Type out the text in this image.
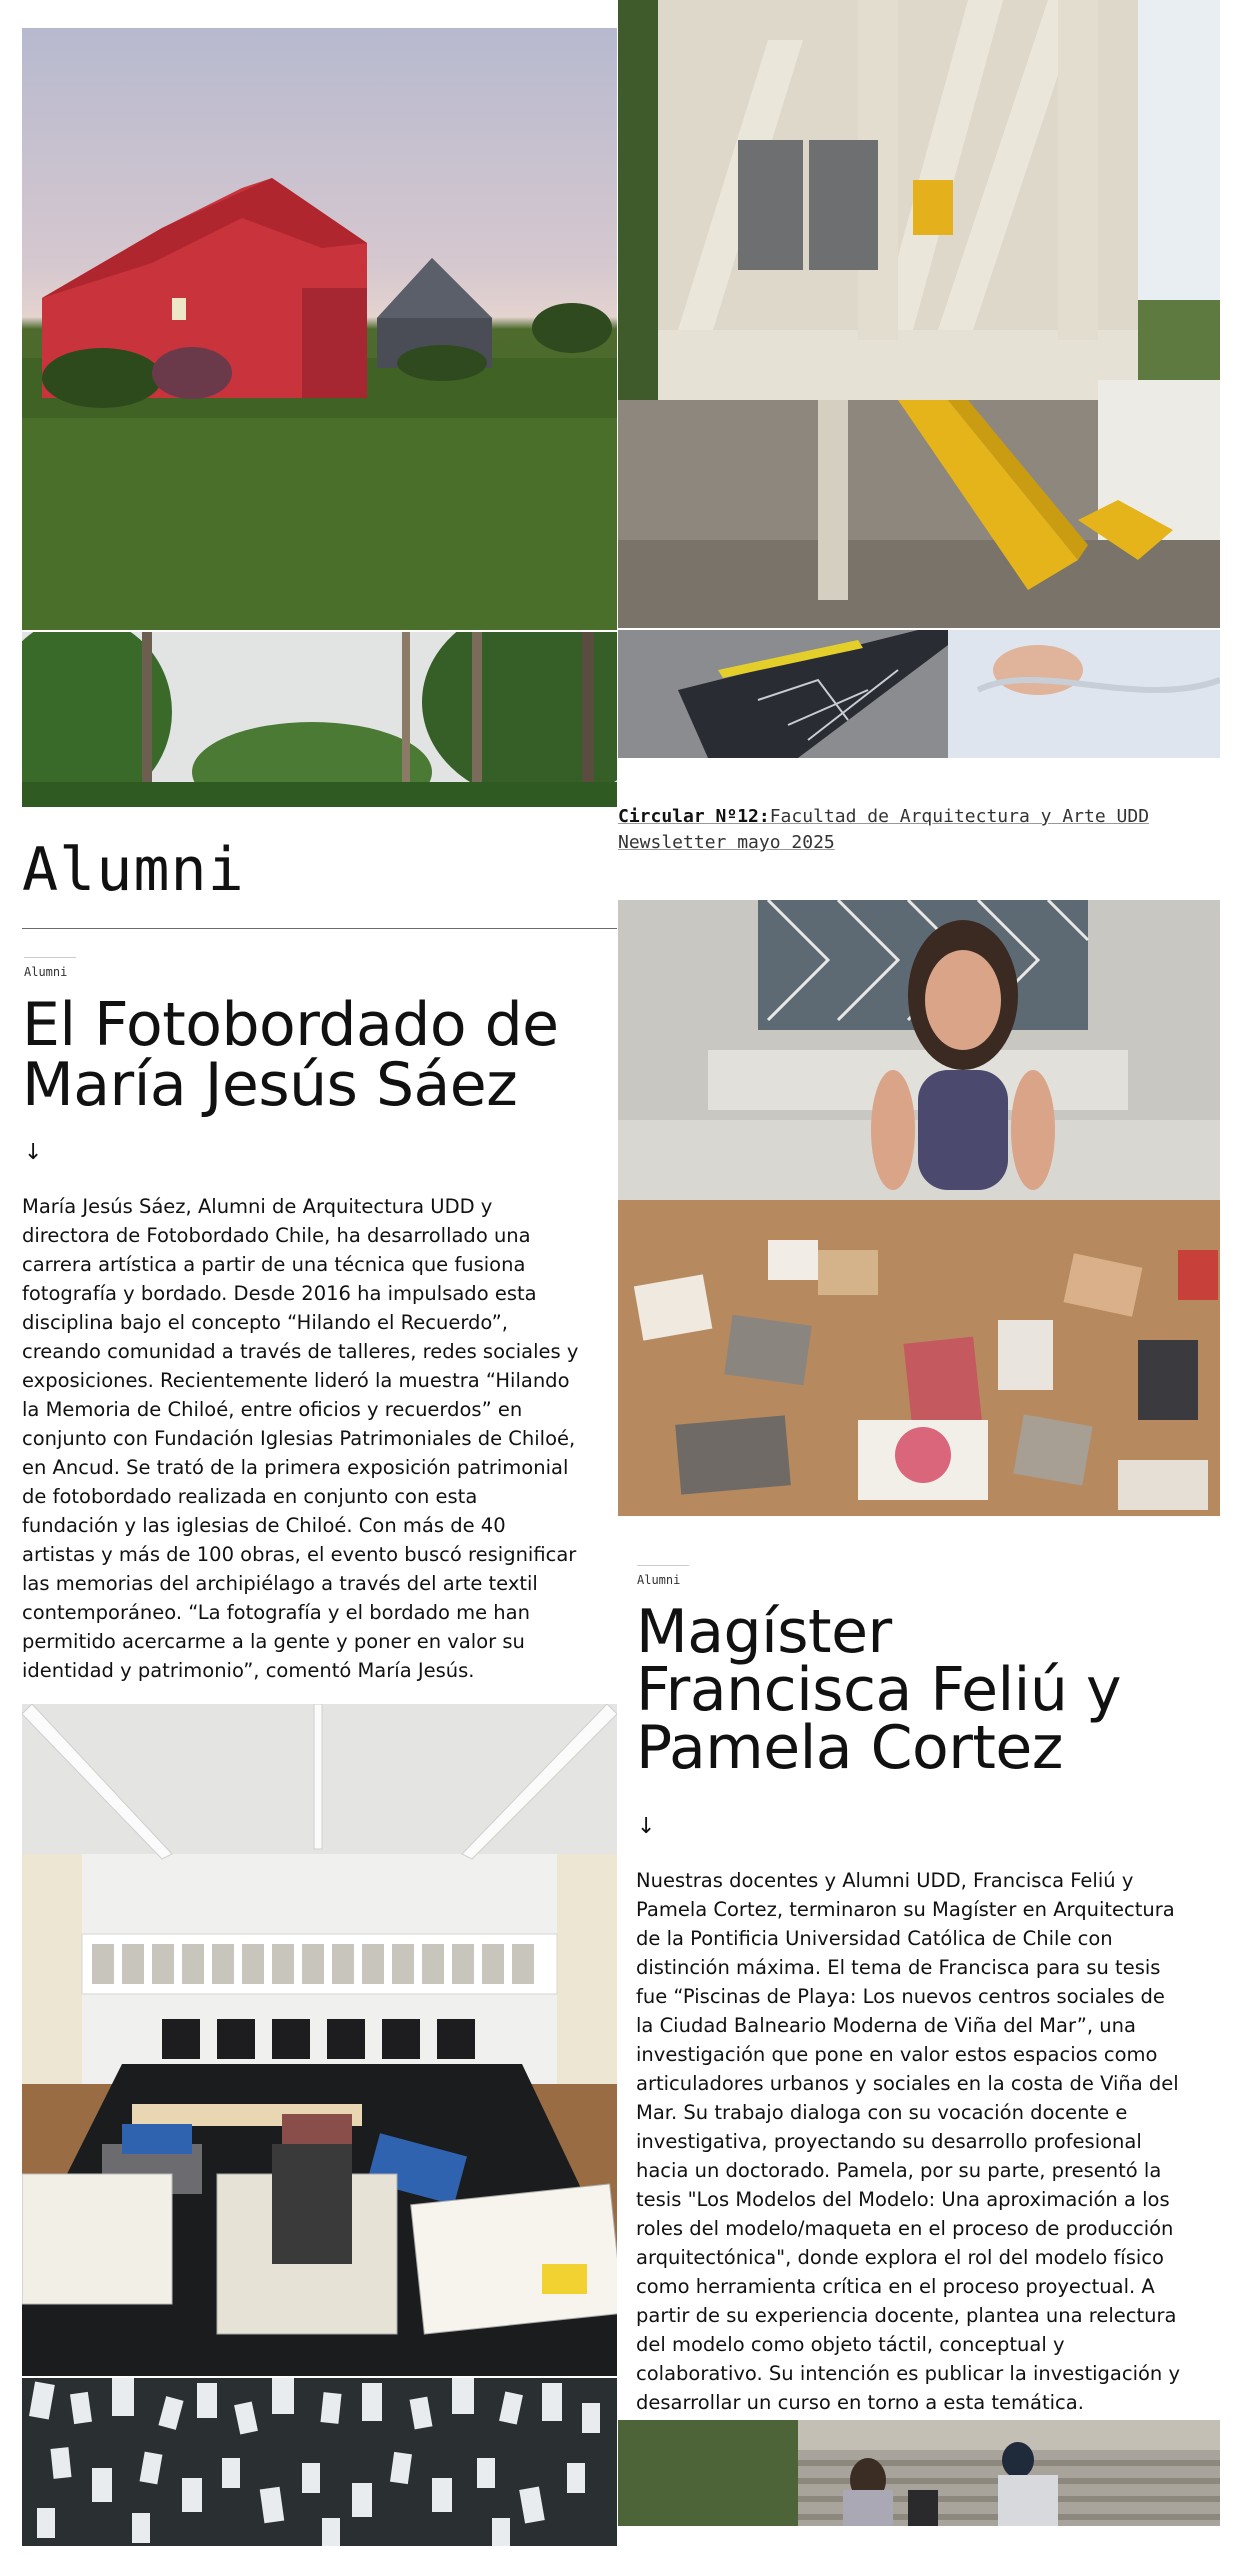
Circular Nº12:Facultad de Arquitectura y Arte UDD
Newsletter mayo 2025
Alumni
Alumni
El Fotobordado de
María Jesús Sáez
↓
María Jesús Sáez, Alumni de Arquitectura UDD y
directora de Fotobordado Chile, ha desarrollado una
carrera artística a partir de una técnica que fusiona
fotografía y bordado. Desde 2016 ha impulsado esta
disciplina bajo el concepto “Hilando el Recuerdo”,
creando comunidad a través de talleres, redes sociales y
exposiciones. Recientemente lideró la muestra “Hilando
la Memoria de Chiloé, entre oficios y recuerdos” en
conjunto con Fundación Iglesias Patrimoniales de Chiloé,
en Ancud. Se trató de la primera exposición patrimonial
de fotobordado realizada en conjunto con esta
fundación y las iglesias de Chiloé. Con más de 40
artistas y más de 100 obras, el evento buscó resignificar
las memorias del archipiélago a través del arte textil
contemporáneo. “La fotografía y el bordado me han
permitido acercarme a la gente y poner en valor su
identidad y patrimonio”, comentó María Jesús.
Alumni
Magíster
Francisca Feliú y
Pamela Cortez
↓
Nuestras docentes y Alumni UDD, Francisca Feliú y
Pamela Cortez, terminaron su Magíster en Arquitectura
de la Pontificia Universidad Católica de Chile con
distinción máxima. El tema de Francisca para su tesis
fue “Piscinas de Playa: Los nuevos centros sociales de
la Ciudad Balneario Moderna de Viña del Mar”, una
investigación que pone en valor estos espacios como
articuladores urbanos y sociales en la costa de Viña del
Mar. Su trabajo dialoga con su vocación docente e
investigativa, proyectando su desarrollo profesional
hacia un doctorado. Pamela, por su parte, presentó la
tesis "Los Modelos del Modelo: Una aproximación a los
roles del modelo/maqueta en el proceso de producción
arquitectónica", donde explora el rol del modelo físico
como herramienta crítica en el proceso proyectual. A
partir de su experiencia docente, plantea una relectura
del modelo como objeto táctil, conceptual y
colaborativo. Su intención es publicar la investigación y
desarrollar un curso en torno a esta temática.
